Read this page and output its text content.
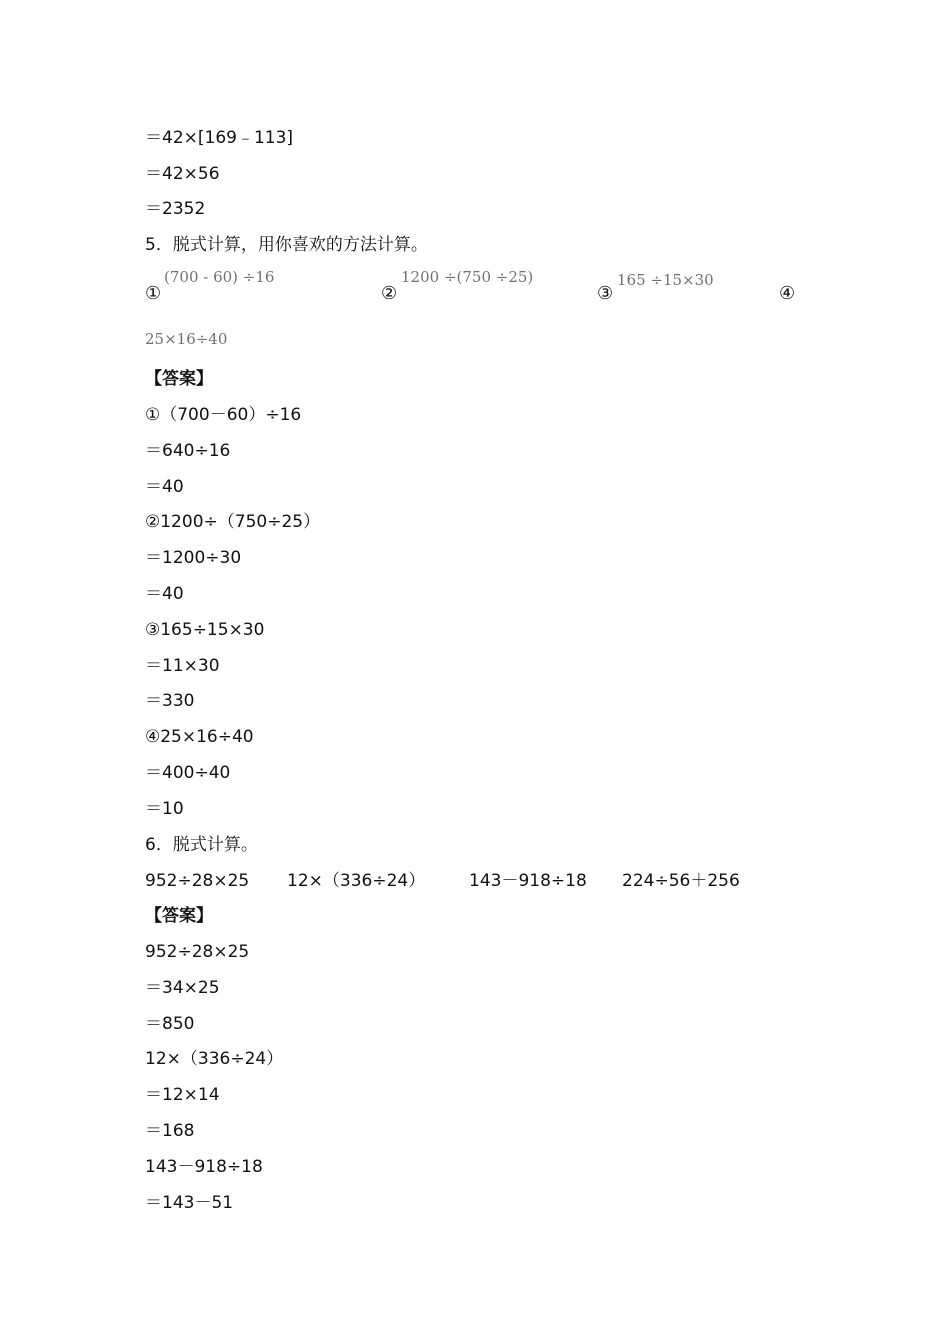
＝42×[169﹣113]
＝42×56
＝2352
5．脱式计算，用你喜欢的方法计算。
①
(700 - 60) ÷16
②
1200 ÷(750 ÷25)
③
165 ÷15×30
④
25×16÷40
【答案】
①（700－60）÷16
＝640÷16
＝40
②1200÷（750÷25）
＝1200÷30
＝40
③165÷15×30
＝11×30
＝330
④25×16÷40
＝400÷40
＝10
6．脱式计算。
952÷28×25 12×（336÷24）	143－918÷18 224÷56＋256
【答案】
952÷28×25
＝34×25
＝850
12×（336÷24）
＝12×14
＝168
143－918÷18
＝143－51
